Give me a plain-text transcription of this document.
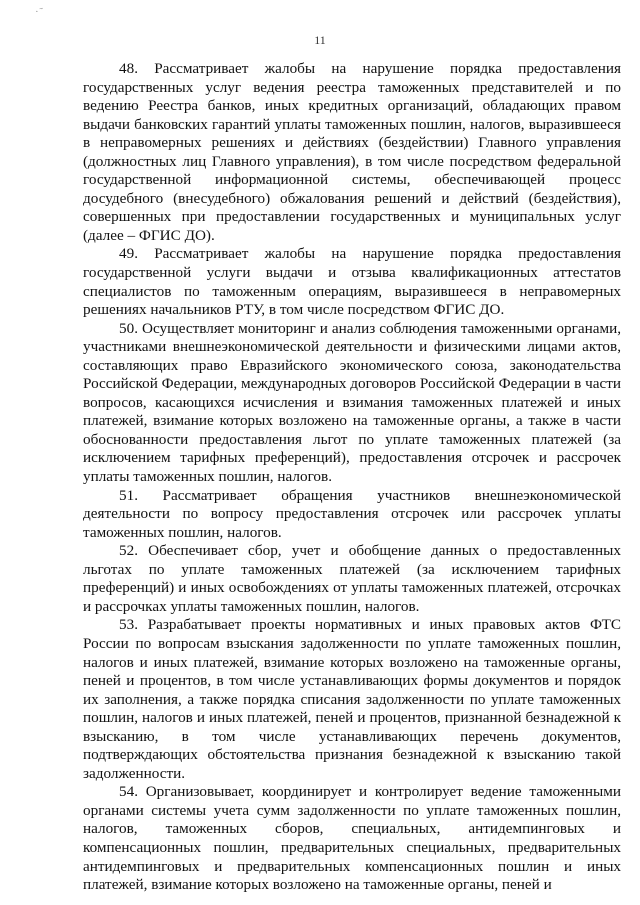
· ˜
11

48. Рассматривает жалобы на нарушение порядка предоставления государственных услуг ведения реестра таможенных представителей и по ведению Реестра банков, иных кредитных организаций, обладающих правом выдачи банковских гарантий уплаты таможенных пошлин, налогов, выразившееся в неправомерных решениях и действиях (бездействии) Главного управления (должностных лиц Главного управления), в том числе посредством федеральной государственной информационной системы, обеспечивающей процесс досудебного (внесудебного) обжалования решений и действий (бездействия), совершенных при предоставлении государственных и муниципальных услуг (далее – ФГИС ДО).

49. Рассматривает жалобы на нарушение порядка предоставления государственной услуги выдачи и отзыва квалификационных аттестатов специалистов по таможенным операциям, выразившееся в неправомерных решениях начальников РТУ, в том числе посредством ФГИС ДО.

50. Осуществляет мониторинг и анализ соблюдения таможенными органами, участниками внешнеэкономической деятельности и физическими лицами актов, составляющих право Евразийского экономического союза, законодательства Российской Федерации, международных договоров Российской Федерации в части вопросов, касающихся исчисления и взимания таможенных платежей и иных платежей, взимание которых возложено на таможенные органы, а также в части обоснованности предоставления льгот по уплате таможенных платежей (за исключением тарифных преференций), предоставления отсрочек и рассрочек уплаты таможенных пошлин, налогов.

51. Рассматривает обращения участников внешнеэкономической деятельности по вопросу предоставления отсрочек или рассрочек уплаты таможенных пошлин, налогов.

52. Обеспечивает сбор, учет и обобщение данных о предоставленных льготах по уплате таможенных платежей (за исключением тарифных преференций) и иных освобождениях от уплаты таможенных платежей, отсрочках и рассрочках уплаты таможенных пошлин, налогов.

53. Разрабатывает проекты нормативных и иных правовых актов ФТС России по вопросам взыскания задолженности по уплате таможенных пошлин, налогов и иных платежей, взимание которых возложено на таможенные органы, пеней и процентов, в том числе устанавливающих формы документов и порядок их заполнения, а также порядка списания задолженности по уплате таможенных пошлин, налогов и иных платежей, пеней и процентов, признанной безнадежной к взысканию, в том числе устанавливающих перечень документов, подтверждающих обстоятельства признания безнадежной к взысканию такой задолженности.

54. Организовывает, координирует и контролирует ведение таможенными органами системы учета сумм задолженности по уплате таможенных пошлин, налогов, таможенных сборов, специальных, антидемпинговых и компенсационных пошлин, предварительных специальных, предварительных антидемпинговых и предварительных компенсационных пошлин и иных платежей, взимание которых возложено на таможенные органы, пеней и
